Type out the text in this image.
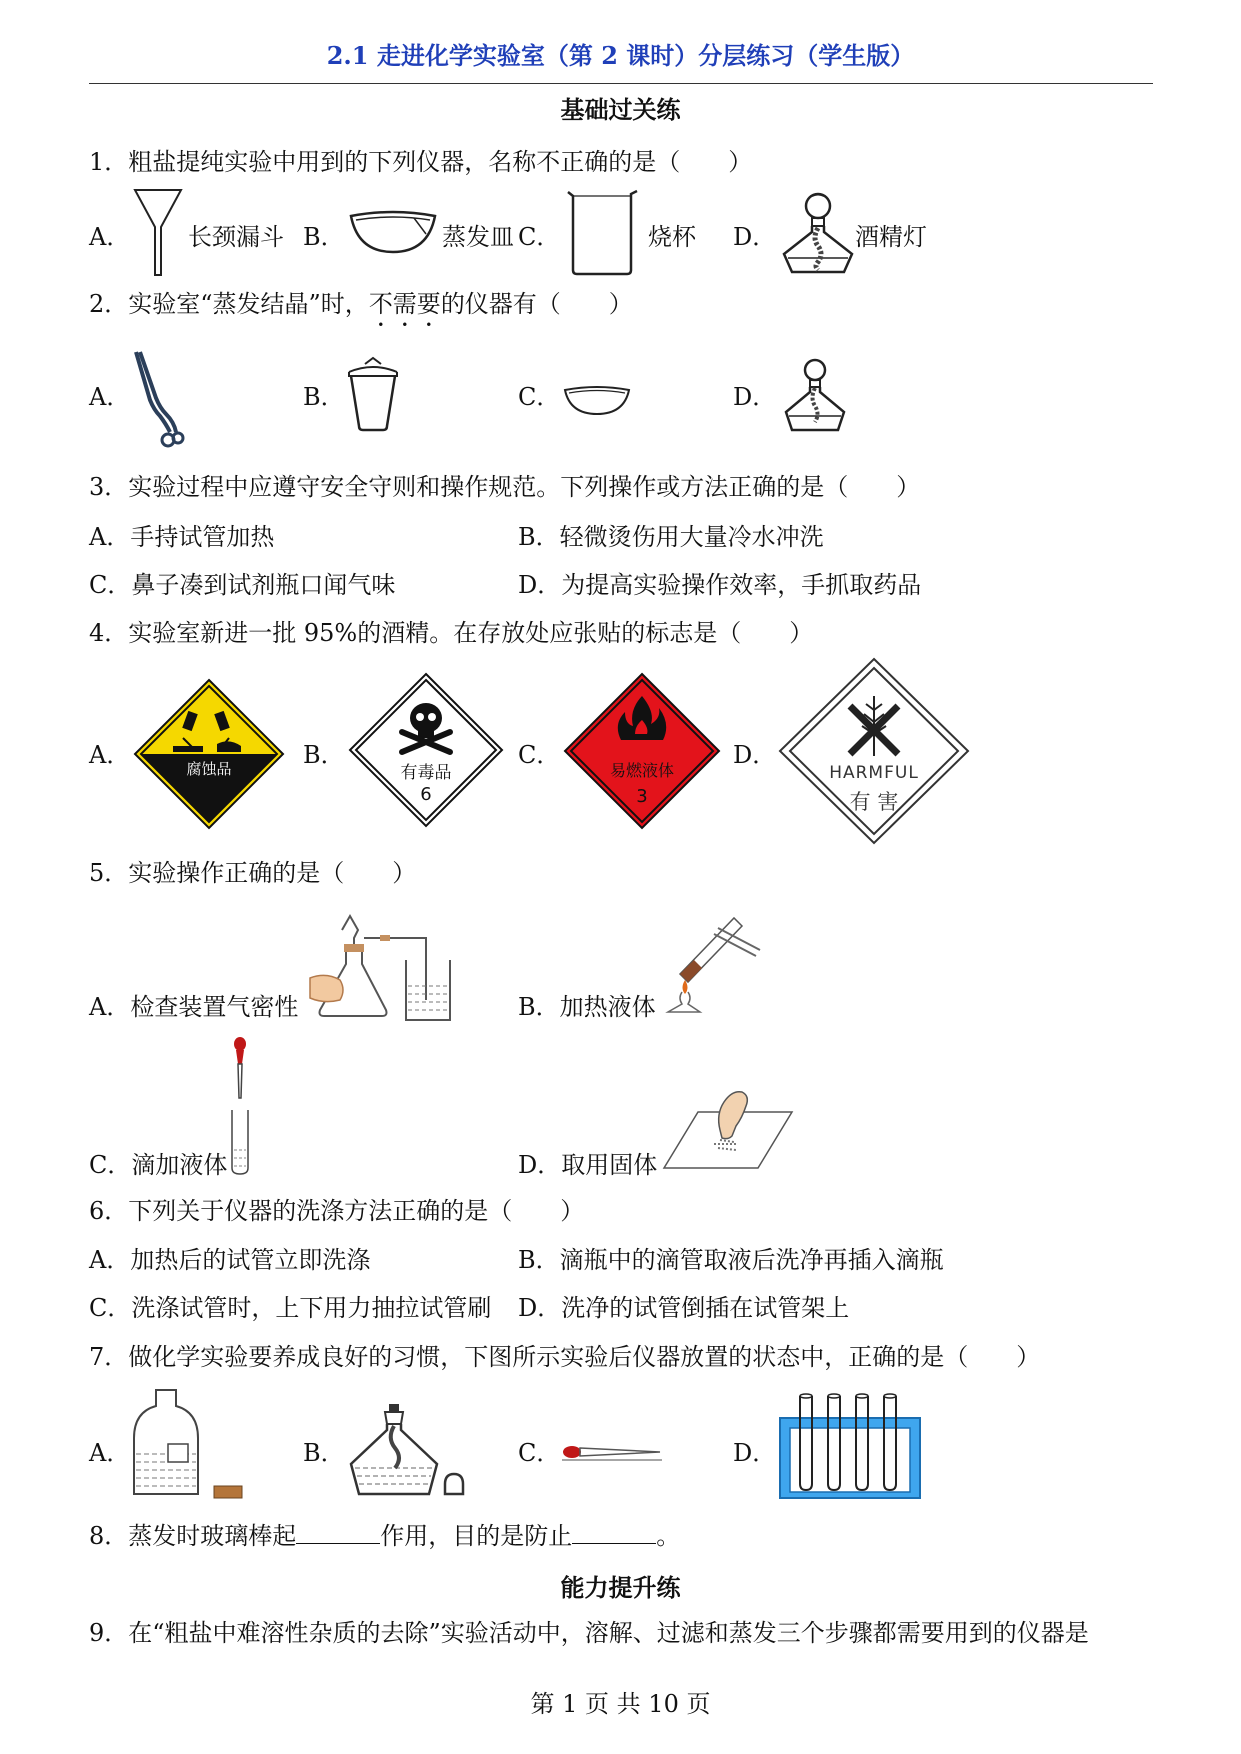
2.1 走进化学实验室（第 2 课时）分层练习（学生版）
基础过关练
1．粗盐提纯实验中用到的下列仪器，名称不正确的是（　　）
A． 长颈漏斗 B．	蒸发皿 C．	烧杯 D．	酒精灯
2．实验室“蒸发结晶”时，不需要的仪器有（　　）
A．	B．	C．	D．
3．实验过程中应遵守安全守则和操作规范。下列操作或方法正确的是（　　）
A．手持试管加热	B．轻微烫伤用大量冷水冲洗
C．鼻子凑到试剂瓶口闻气味	D．为提高实验操作效率，手抓取药品
4．实验室新进一批 95%的酒精。在存放处应张贴的标志是（　　）
A．	腐蚀品	B．
有毒品
6
C．
易燃液体
3
D．
HARMFUL
有 害
5．实验操作正确的是（　　）
A．检查装置气密性	B．加热液体
C．滴加液体	D．取用固体
6．下列关于仪器的洗涤方法正确的是（　　）
A．加热后的试管立即洗涤	B．滴瓶中的滴管取液后洗净再插入滴瓶
C．洗涤试管时，上下用力抽拉试管刷 D．洗净的试管倒插在试管架上
7．做化学实验要养成良好的习惯，下图所示实验后仪器放置的状态中，正确的是（　　）
A．	B．	C．	D．
8．蒸发时玻璃棒起	作用，目的是防止	。
能力提升练
9．在“粗盐中难溶性杂质的去除”实验活动中，溶解、过滤和蒸发三个步骤都需要用到的仪器是
第 1 页 共 10 页
